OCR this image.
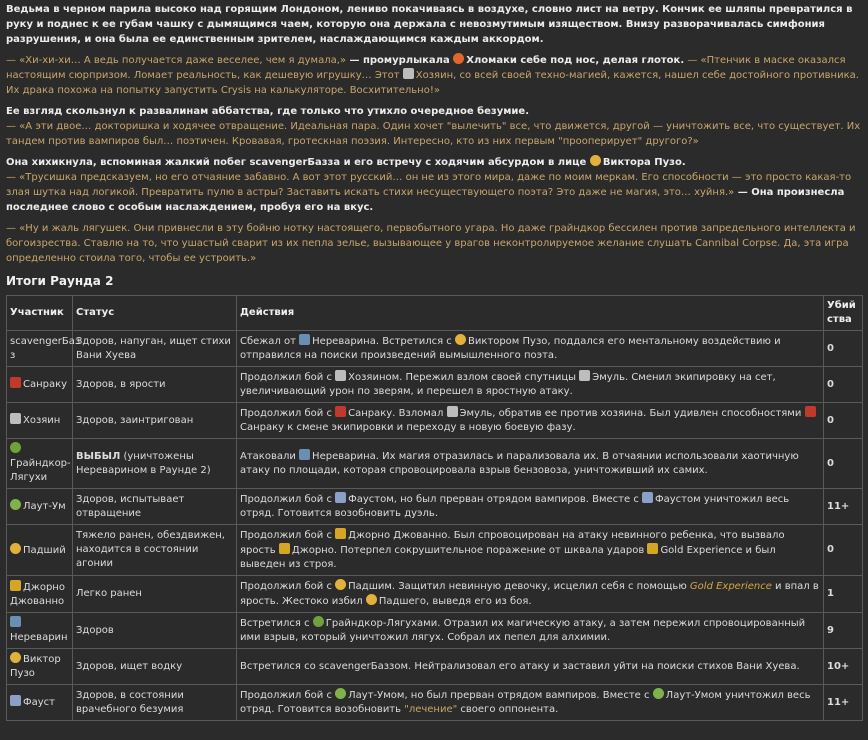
Ведьма в черном парила высоко над горящим Лондоном, лениво покачиваясь в воздухе, словно лист на ветру. Кончик ее шляпы превратился в руку и поднес к ее губам чашку с дымящимся чаем, которую она держала с невозмутимым изяществом. Внизу разворачивалась симфония разрушения, и она была ее единственным зрителем, наслаждающимся каждым аккордом.

— «Хи-хи-хи… А ведь получается даже веселее, чем я думала,» — промурлыкала Хломаки себе под нос, делая глоток. — «Птенчик в маске оказался настоящим сюрпризом. Ломает реальность, как дешевую игрушку… Этот Хозяин, со всей своей техно-магией, кажется, нашел себе достойного противника. Их драка похожа на попытку запустить Crysis на калькуляторе. Восхитительно!»

Ее взгляд скользнул к развалинам аббатства, где только что утихло очередное безумие.
— «А эти двое… докторишка и ходячее отвращение. Идеальная пара. Один хочет "вылечить" все, что движется, другой — уничтожить все, что существует. Их тандем против вампиров был… поэтичен. Кровавая, гротескная поэзия. Интересно, кто из них первым "прооперирует" другого?»

Она хихикнула, вспоминая жалкий побег scavengerБазза и его встречу с ходячим абсурдом в лице Виктора Пузо.
— «Трусишка предсказуем, но его отчаяние забавно. А вот этот русский… он не из этого мира, даже по моим меркам. Его способности — это просто какая-то злая шутка над логикой. Превратить пулю в астры? Заставить искать стихи несуществующего поэта? Это даже не магия, это… хуйня.» — Она произнесла последнее слово с особым наслаждением, пробуя его на вкус.

— «Ну и жаль лягушек. Они привнесли в эту бойню нотку настоящего, первобытного угара. Но даже грайндкор бессилен против запредельного интеллекта и богоизрества. Ставлю на то, что ушастый сварит из их пепла зелье, вызывающее у врагов неконтролируемое желание слушать Cannibal Corpse. Да, эта игра определенно стоила того, чтобы ее устроить.»

Итоги Раунда 2
Участник	Статус	Действия	Убий ства
scavengerБаз з	Здоров, напуган, ищет стихи Вани Хуева	Сбежал от Нереварина. Встретился с Виктором Пузо, поддался его ментальному воздействию и отправился на поиски произведений вымышленного поэта.	0
Санраку	Здоров, в ярости	Продолжил бой с Хозяином. Пережил взлом своей спутницы Эмуль. Сменил экипировку на сет, увеличивающий урон по зверям, и перешел в яростную атаку.	0
Хозяин	Здоров, заинтригован	Продолжил бой с Санраку. Взломал Эмуль, обратив ее против хозяина. Был удивлен способностями Санраку к смене экипировки и переходу в новую боевую фазу.	0
Грайндкор-Лягухи	ВЫБЫЛ (уничтожены Нереварином в Раунде 2)	Атаковали Нереварина. Их магия отразилась и парализовала их. В отчаянии использовали хаотичную атаку по площади, которая спровоцировала взрыв бензовоза, уничтоживший их самих.	0
Лаут-Ум	Здоров, испытывает отвращение	Продолжил бой с Фаустом, но был прерван отрядом вампиров. Вместе с Фаустом уничтожил весь отряд. Готовится возобновить дуэль.	11+
Падший	Тяжело ранен, обездвижен, находится в состоянии агонии	Продолжил бой с Джорно Джованно. Был спровоцирован на атаку невинного ребенка, что вызвало ярость Джорно. Потерпел сокрушительное поражение от шквала ударов Gold Experience и был выведен из строя.	0
Джорно Джованно	Легко ранен	Продолжил бой с Падшим. Защитил невинную девочку, исцелил себя с помощью Gold Experience и впал в ярость. Жестоко избил Падшего, выведя его из боя.	1
Нереварин	Здоров	Встретился с Грайндкор-Лягухами. Отразил их магическую атаку, а затем пережил спровоцированный ими взрыв, который уничтожил лягух. Собрал их пепел для алхимии.	9
Виктор Пузо	Здоров, ищет водку	Встретился со scavengerБаззом. Нейтрализовал его атаку и заставил уйти на поиски стихов Вани Хуева.	10+
Фауст	Здоров, в состоянии врачебного безумия	Продолжил бой с Лаут-Умом, но был прерван отрядом вампиров. Вместе с Лаут-Умом уничтожил весь отряд. Готовится возобновить "лечение" своего оппонента.	11+
